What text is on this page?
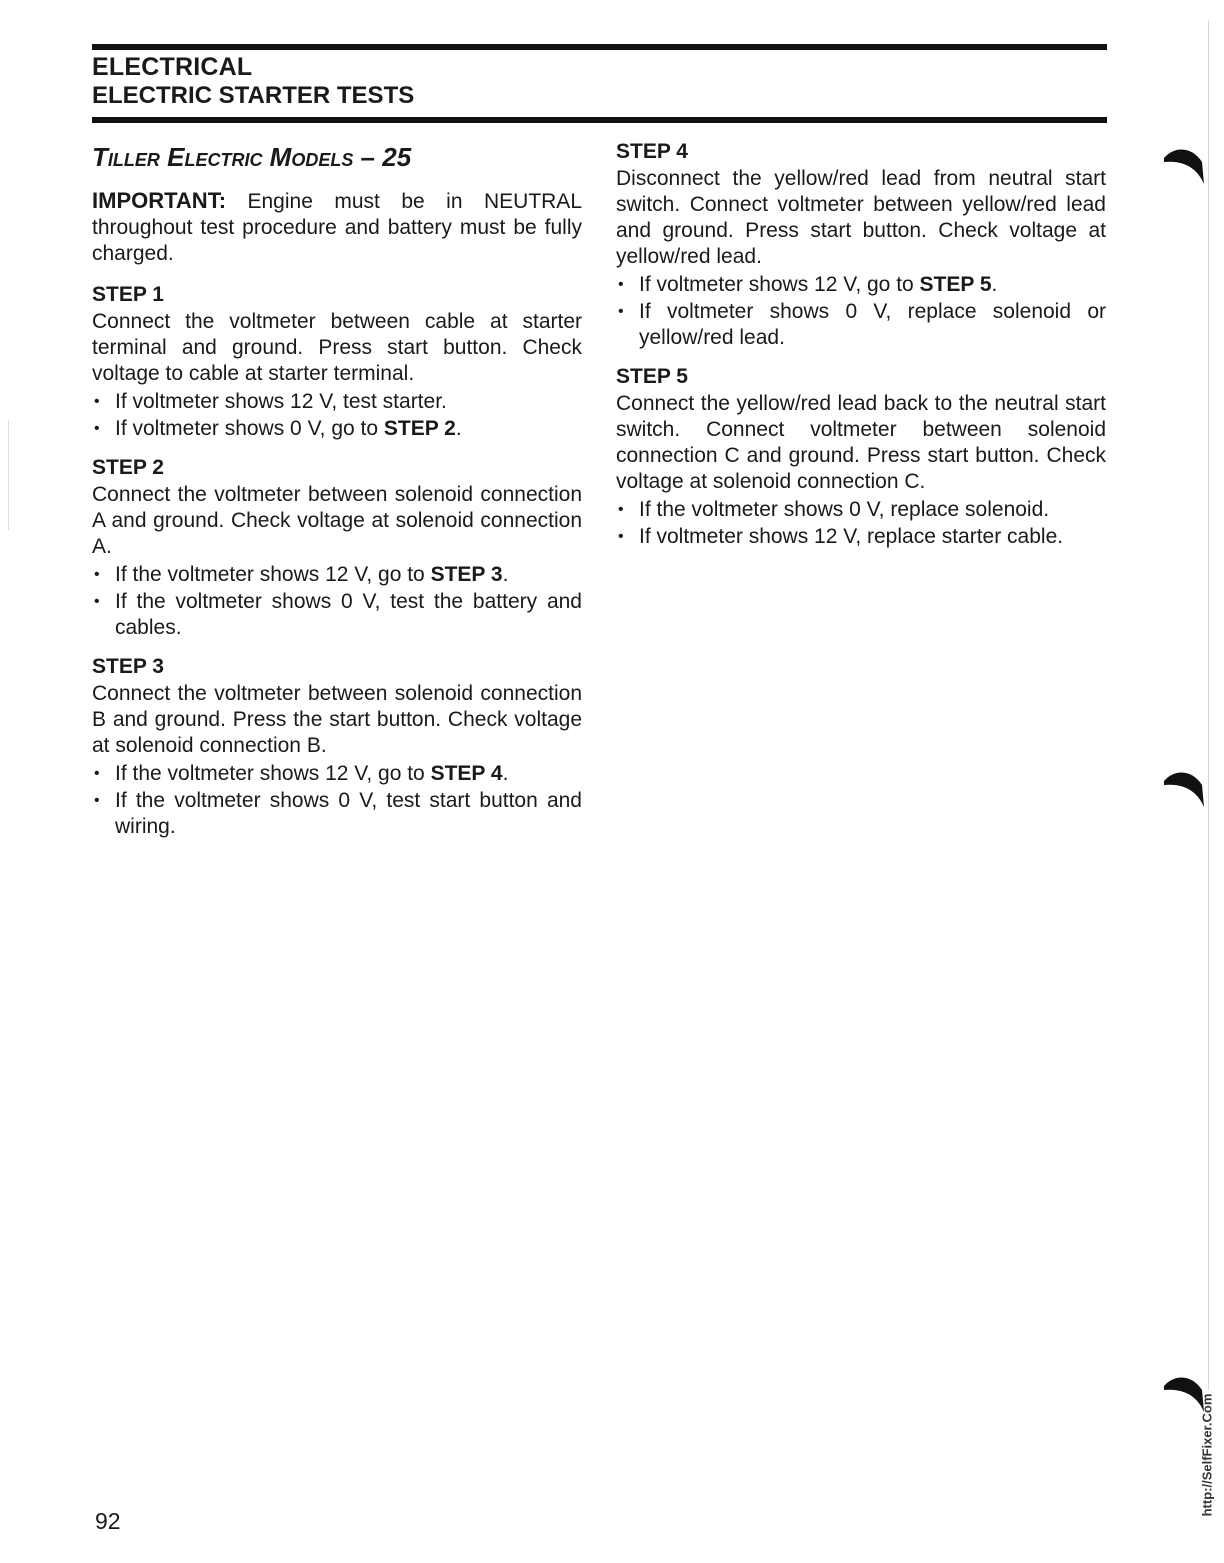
ELECTRICAL
ELECTRIC STARTER TESTS
Tiller Electric Models – 25

IMPORTANT: Engine must be in NEUTRAL throughout test procedure and battery must be fully charged.

STEP 1

Connect the voltmeter between cable at starter terminal and ground. Press start button. Check voltage to cable at starter terminal.

• If voltmeter shows 12 V, test starter.
• If voltmeter shows 0 V, go to STEP 2.
STEP 2

Connect the voltmeter between solenoid connection A and ground. Check voltage at solenoid connection A.

• If the voltmeter shows 12 V, go to STEP 3.
• If the voltmeter shows 0 V, test the battery and cables.
STEP 3

Connect the voltmeter between solenoid connection B and ground. Press the start button. Check voltage at solenoid connection B.

• If the voltmeter shows 12 V, go to STEP 4.
• If the voltmeter shows 0 V, test start button and wiring.
STEP 4

Disconnect the yellow/red lead from neutral start switch. Connect voltmeter between yellow/red lead and ground. Press start button. Check voltage at yellow/red lead.

• If voltmeter shows 12 V, go to STEP 5.
• If voltmeter shows 0 V, replace solenoid or yellow/red lead.
STEP 5

Connect the yellow/red lead back to the neutral start switch. Connect voltmeter between solenoid connection C and ground. Press start button. Check voltage at solenoid connection C.

• If the voltmeter shows 0 V, replace solenoid.
• If voltmeter shows 12 V, replace starter cable.
92
http://SelfFixer.Com
